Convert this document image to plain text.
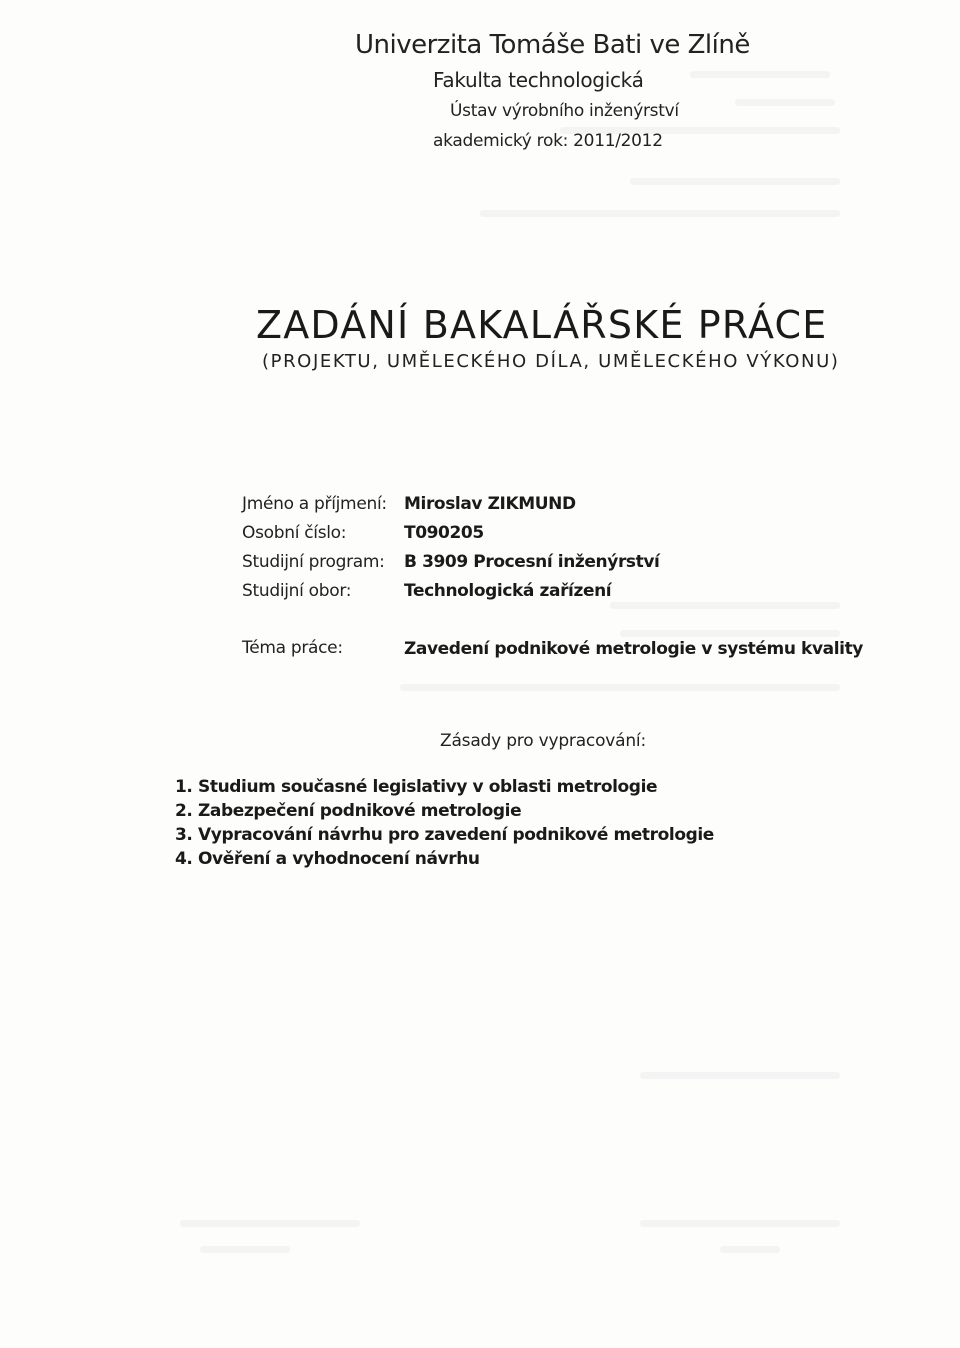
Univerzita Tomáše Bati ve Zlíně

Fakulta technologická

Ústav výrobního inženýrství

akademický rok: 2011/2012

ZADÁNÍ BAKALÁŘSKÉ PRÁCE

(PROJEKTU, UMĚLECKÉHO DÍLA, UMĚLECKÉHO VÝKONU)

Jméno a příjmení: Miroslav ZIKMUND
Osobní číslo:	T090205
Studijní program: B 3909 Procesní inženýrství
Studijní obor:	Technologická zařízení
Téma práce:	Zavedení podnikové metrologie v systému kvality

Zásady pro vypracování:

1. Studium současné legislativy v oblasti metrologie
2. Zabezpečení podnikové metrologie
3. Vypracování návrhu pro zavedení podnikové metrologie
4. Ověření a vyhodnocení návrhu
